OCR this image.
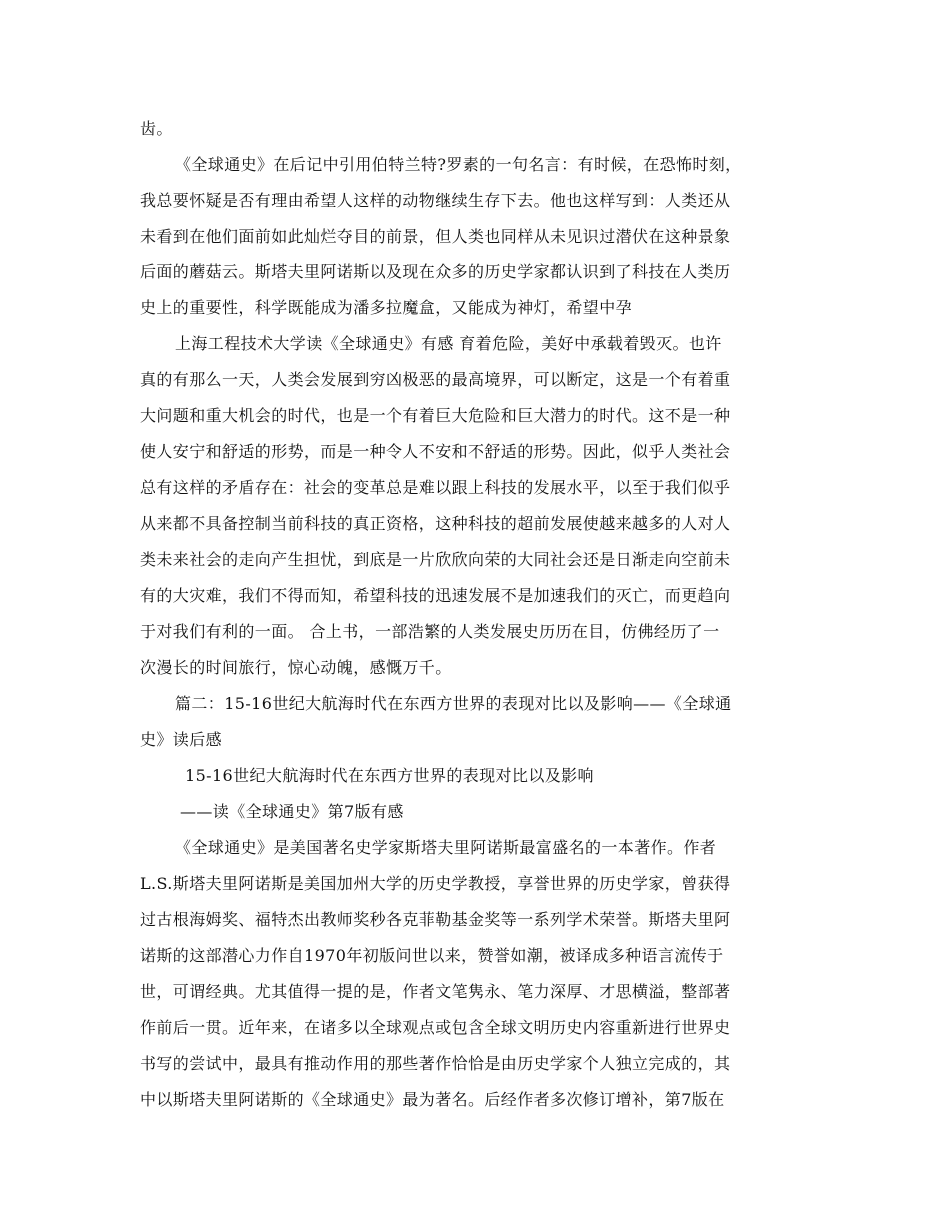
齿。
《全球通史》在后记中引用伯特兰特?罗素的一句名言：有时候，在恐怖时刻，
我总要怀疑是否有理由希望人这样的动物继续生存下去。他也这样写到：人类还从
未看到在他们面前如此灿烂夺目的前景，但人类也同样从未见识过潜伏在这种景象
后面的蘑菇云。斯塔夫里阿诺斯以及现在众多的历史学家都认识到了科技在人类历
史上的重要性，科学既能成为潘多拉魔盒，又能成为神灯，希望中孕
上海工程技术大学读《全球通史》有感 育着危险，美好中承载着毁灭。也许
真的有那么一天，人类会发展到穷凶极恶的最高境界，可以断定，这是一个有着重
大问题和重大机会的时代，也是一个有着巨大危险和巨大潜力的时代。这不是一种
使人安宁和舒适的形势，而是一种令人不安和不舒适的形势。因此，似乎人类社会
总有这样的矛盾存在：社会的变革总是难以跟上科技的发展水平，以至于我们似乎
从来都不具备控制当前科技的真正资格，这种科技的超前发展使越来越多的人对人
类未来社会的走向产生担忧，到底是一片欣欣向荣的大同社会还是日渐走向空前未
有的大灾难，我们不得而知，希望科技的迅速发展不是加速我们的灭亡，而更趋向
于对我们有利的一面。 合上书，一部浩繁的人类发展史历历在目，仿佛经历了一
次漫长的时间旅行，惊心动魄，感慨万千。
篇二：15-16世纪大航海时代在东西方世界的表现对比以及影响——《全球通
史》读后感
15-16世纪大航海时代在东西方世界的表现对比以及影响
——读《全球通史》第7版有感
《全球通史》是美国著名史学家斯塔夫里阿诺斯最富盛名的一本著作。作者
L.S.斯塔夫里阿诺斯是美国加州大学的历史学教授，享誉世界的历史学家，曾获得
过古根海姆奖、福特杰出教师奖秒各克菲勒基金奖等一系列学术荣誉。斯塔夫里阿
诺斯的这部潜心力作自1970年初版问世以来，赞誉如潮，被译成多种语言流传于
世，可谓经典。尤其值得一提的是，作者文笔隽永、笔力深厚、才思横溢，整部著
作前后一贯。近年来，在诸多以全球观点或包含全球文明历史内容重新进行世界史
书写的尝试中，最具有推动作用的那些著作恰恰是由历史学家个人独立完成的，其
中以斯塔夫里阿诺斯的《全球通史》最为著名。后经作者多次修订增补，第7版在
